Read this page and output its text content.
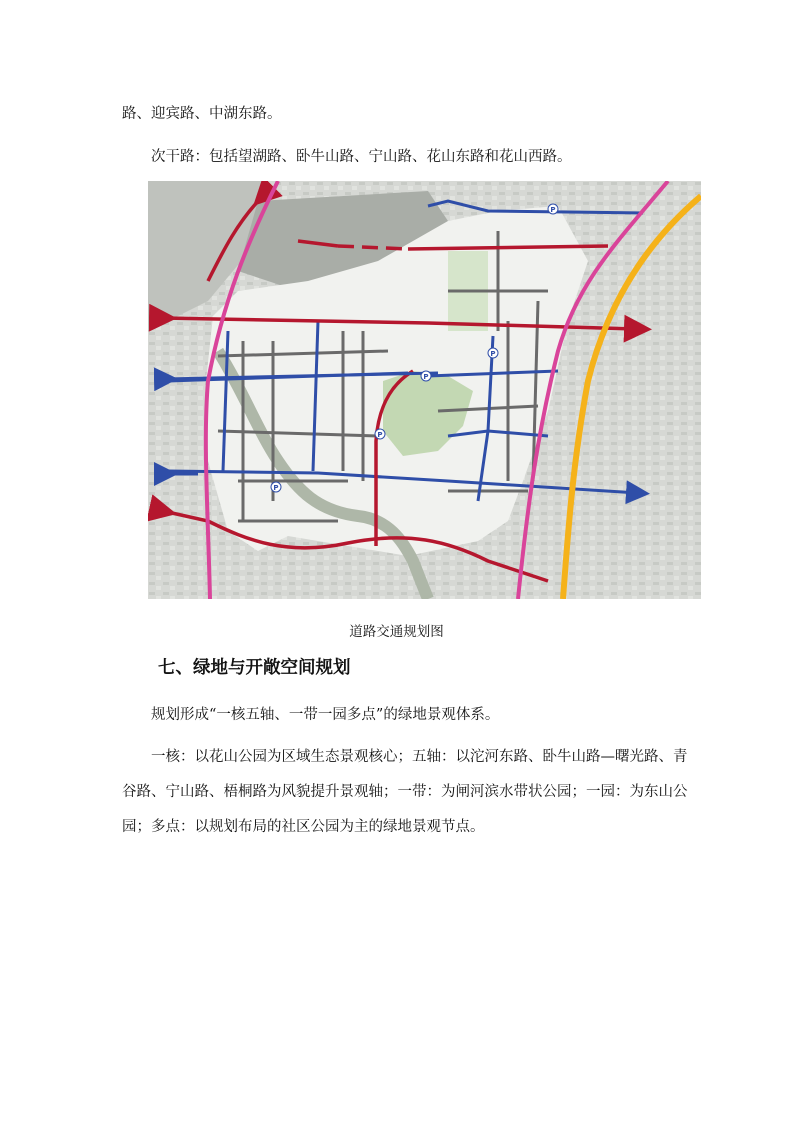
路、迎宾路、中湖东路。

次干路：包括望湖路、卧牛山路、宁山路、花山东路和花山西路。

P
P
P
P
P
道路交通规划图
七、绿地与开敞空间规划

规划形成“一核五轴、一带一园多点”的绿地景观体系。

一核：以花山公园为区域生态景观核心；五轴：以沱河东路、卧牛山路—曙光路、青谷路、宁山路、梧桐路为风貌提升景观轴；一带：为闸河滨水带状公园；一园：为东山公园；多点：以规划布局的社区公园为主的绿地景观节点。
